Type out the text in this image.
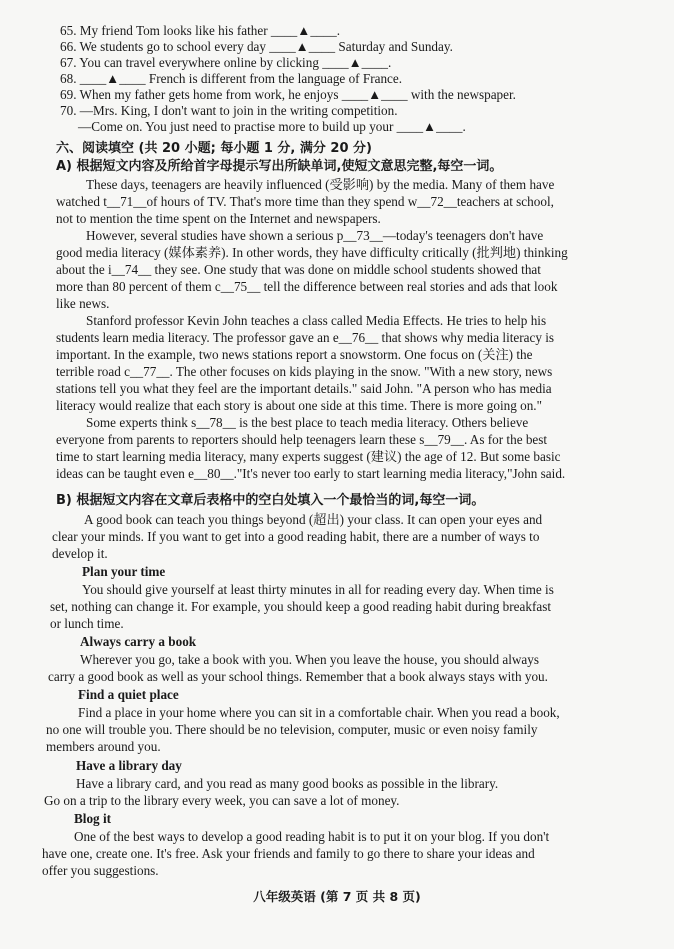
65. My friend Tom looks like his father ____▲____.
66. We students go to school every day ____▲____ Saturday and Sunday.
67. You can travel everywhere online by clicking ____▲____.
68. ____▲____ French is different from the language of France.
69. When my father gets home from work, he enjoys ____▲____ with the newspaper.
70. —Mrs. King, I don't want to join in the writing competition.
—Come on. You just need to practise more to build up your ____▲____.
六、阅读填空 (共 20 小题; 每小题 1 分, 满分 20 分)
A) 根据短文内容及所给首字母提示写出所缺单词,使短文意思完整,每空一词。
These days, teenagers are heavily influenced (受影响) by the media. Many of them have
watched t__71__of hours of TV. That's more time than they spend w__72__teachers at school,
not to mention the time spent on the Internet and newspapers.
However, several studies have shown a serious p__73__—today's teenagers don't have
good media literacy (媒体素养). In other words, they have difficulty critically (批判地) thinking
about the i__74__ they see. One study that was done on middle school students showed that
more than 80 percent of them c__75__ tell the difference between real stories and ads that look
like news.
Stanford professor Kevin John teaches a class called Media Effects. He tries to help his
students learn media literacy. The professor gave an e__76__ that shows why media literacy is
important. In the example, two news stations report a snowstorm. One focus on (关注) the
terrible road c__77__. The other focuses on kids playing in the snow. "With a new story, news
stations tell you what they feel are the important details." said John. "A person who has media
literacy would realize that each story is about one side at this time. There is more going on."
Some experts think s__78__ is the best place to teach media literacy. Others believe
everyone from parents to reporters should help teenagers learn these s__79__. As for the best
time to start learning media literacy, many experts suggest (建议) the age of 12. But some basic
ideas can be taught even e__80__."It's never too early to start learning media literacy,"John said.
B) 根据短文内容在文章后表格中的空白处填入一个最恰当的词,每空一词。
A good book can teach you things beyond (超出) your class. It can open your eyes and
clear your minds. If you want to get into a good reading habit, there are a number of ways to
develop it.
Plan your time
You should give yourself at least thirty minutes in all for reading every day. When time is
set, nothing can change it. For example, you should keep a good reading habit during breakfast
or lunch time.
Always carry a book
Wherever you go, take a book with you. When you leave the house, you should always
carry a good book as well as your school things. Remember that a book always stays with you.
Find a quiet place
Find a place in your home where you can sit in a comfortable chair. When you read a book,
no one will trouble you. There should be no television, computer, music or even noisy family
members around you.
Have a library day
Have a library card, and you read as many good books as possible in the library.
Go on a trip to the library every week, you can save a lot of money.
Blog it
One of the best ways to develop a good reading habit is to put it on your blog. If you don't
have one, create one. It's free. Ask your friends and family to go there to share your ideas and
offer you suggestions.
八年级英语 (第 7 页 共 8 页)
